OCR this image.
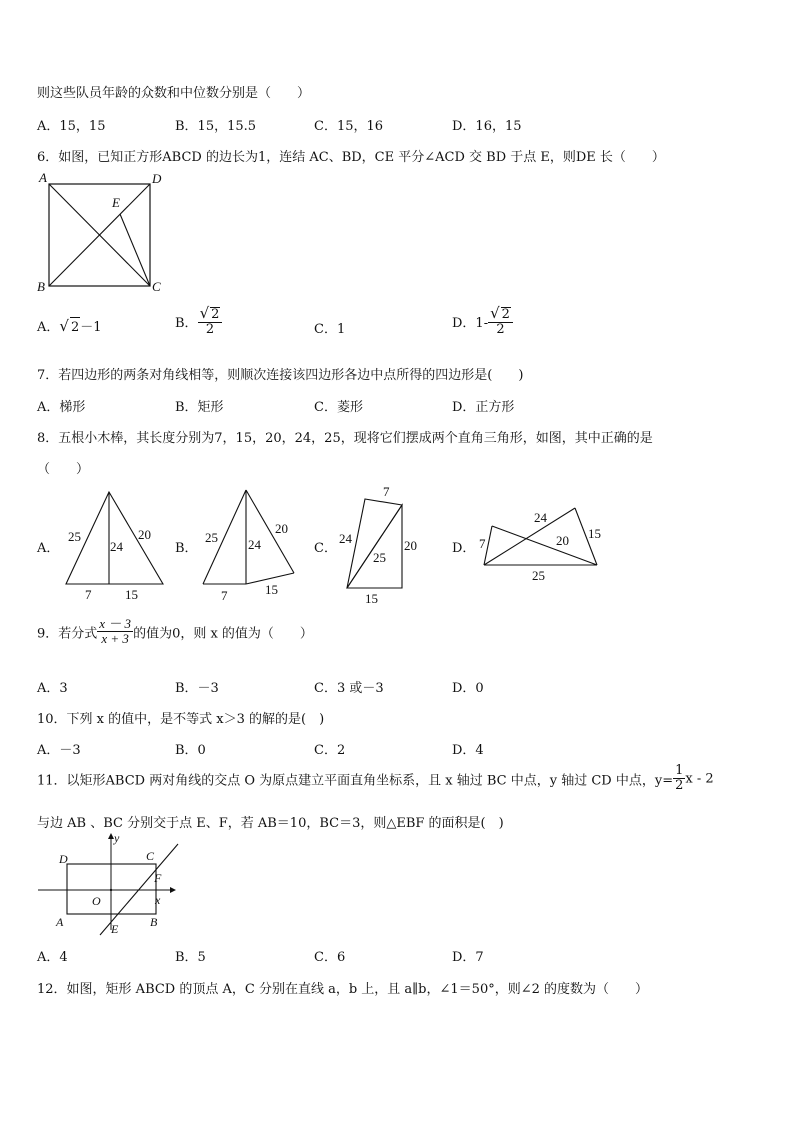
则这些队员年龄的众数和中位数分别是（　　）
A．15，15	B．15，15.5	C．15，16	D．16，15
6．如图，已知正方形ABCD 的边长为1，连结 AC、BD，CE 平分∠ACD 交 BD 于点 E，则DE 长（　　）
A	D
E
B	C
A．√ 2－1	B． $\frac{√ 2}{2}$	C．1	D．$1- \frac{√ 2}{2}$
7．若四边形的两条对角线相等，则顺次连接该四边形各边中点所得的四边形是(　　)
A．梯形	B．矩形	C．菱形	D．正方形
8．五根小木棒，其长度分别为7，15，20，24，25，现将它们摆成两个直角三角形，如图，其中正确的是
（　　）
A．
25
24
20
7	15
B．
25 24
20
7	15
C．
7
24
25
20
15
D．
24
7	20 15
25
9．若分式 $\frac{x - 3}{x + 3}$ 的值为0，则 x 的值为（　　）
A．3	B．－3	C．3 或－3	D．0
10．下列 x 的值中，是不等式 x＞3 的解的是(　)
A．－3	B．0	C．2	D．4
11．以矩形ABCD 两对角线的交点 O 为原点建立平面直角坐标系，且 x 轴过 BC 中点，y 轴过 CD 中点，$y= \frac{1}{2}$ x - 2
与边 AB 、BC 分别交于点 E、F，若 AB＝10，BC＝3，则△EBF 的面积是(　)
y
D	C
F
O	x
A	B
E
A．4	B．5	C．6	D．7
12．如图，矩形 ABCD 的顶点 A，C 分别在直线 a，b 上，且 a∥b，∠1＝50°，则∠2 的度数为（　　）
